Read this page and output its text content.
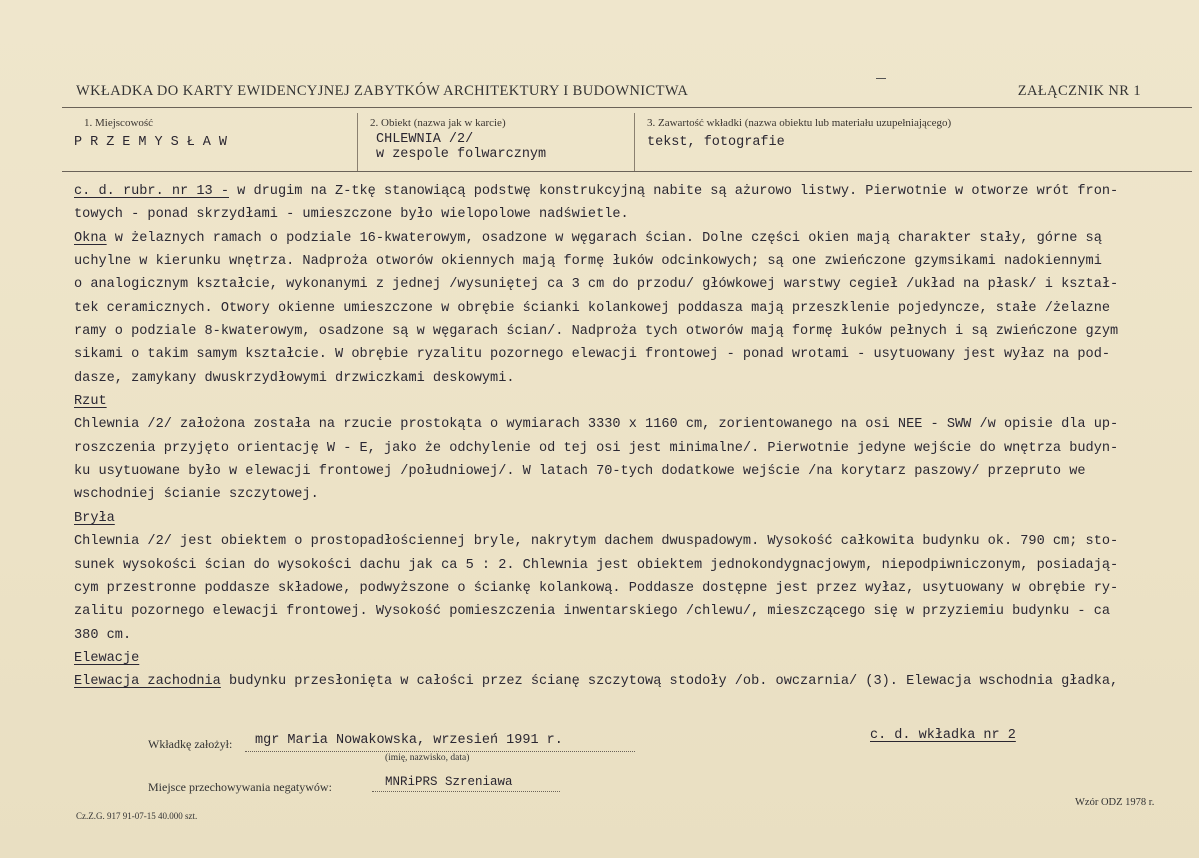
WKŁADKA DO KARTY EWIDENCYJNEJ ZABYTKÓW ARCHITEKTURY I BUDOWNICTWA	ZAŁĄCZNIK NR 1
1. Miejscowość
PRZEMYSŁAW
2. Obiekt (nazwa jak w karcie)
CHLEWNIA /2/
w zespole folwarcznym
3. Zawartość wkładki (nazwa obiektu lub materiału uzupełniającego)
tekst, fotografie
c. d. rubr. nr 13 - w drugim na Z-tkę stanowiącą podstwę konstrukcyjną nabite są ażurowo listwy. Pierwotnie w otworze wrót fron-
towych - ponad skrzydłami - umieszczone było wielopolowe nadświetle.
Okna w żelaznych ramach o podziale 16-kwaterowym, osadzone w węgarach ścian. Dolne części okien mają charakter stały, górne są
uchylne w kierunku wnętrza. Nadproża otworów okiennych mają formę łuków odcinkowych; są one zwieńczone gzymsikami nadokiennymi
o analogicznym kształcie, wykonanymi z jednej /wysuniętej ca 3 cm do przodu/ główkowej warstwy cegieł /układ na płask/ i kształ-
tek ceramicznych. Otwory okienne umieszczone w obrębie ścianki kolankowej poddasza mają przeszklenie pojedyncze, stałe /żelazne
ramy o podziale 8-kwaterowym, osadzone są w węgarach ścian/. Nadproża tych otworów mają formę łuków pełnych i są zwieńczone gzym
sikami o takim samym kształcie. W obrębie ryzalitu pozornego elewacji frontowej - ponad wrotami - usytuowany jest wyłaz na pod-
dasze, zamykany dwuskrzydłowymi drzwiczkami deskowymi.
Rzut
Chlewnia /2/ założona została na rzucie prostokąta o wymiarach 3330 x 1160 cm, zorientowanego na osi NEE - SWW /w opisie dla up-
roszczenia przyjęto orientację W - E, jako że odchylenie od tej osi jest minimalne/. Pierwotnie jedyne wejście do wnętrza budyn-
ku usytuowane było w elewacji frontowej /południowej/. W latach 70-tych dodatkowe wejście /na korytarz paszowy/ przepruto we
wschodniej ścianie szczytowej.
Bryła
Chlewnia /2/ jest obiektem o prostopadłościennej bryle, nakrytym dachem dwuspadowym. Wysokość całkowita budynku ok. 790 cm; sto-
sunek wysokości ścian do wysokości dachu jak ca 5 : 2. Chlewnia jest obiektem jednokondygnacjowym, niepodpiwniczonym, posiadają-
cym przestronne poddasze składowe, podwyższone o ściankę kolankową. Poddasze dostępne jest przez wyłaz, usytuowany w obrębie ry-
zalitu pozornego elewacji frontowej. Wysokość pomieszczenia inwentarskiego /chlewu/, mieszczącego się w przyziemiu budynku - ca
380 cm.
Elewacje
Elewacja zachodnia budynku przesłonięta w całości przez ścianę szczytową stodoły /ob. owczarnia/ (3). Elewacja wschodnia gładka,
Wkładkę założył: mgr Maria Nowakowska, wrzesień 1991 r.
(imię, nazwisko, data)
c. d. wkładka nr 2
Miejsce przechowywania negatywów:	MNRiPRS Szreniawa
Cz.Z.G. 917 91-07-15 40.000 szt.
Wzór ODZ 1978 r.
